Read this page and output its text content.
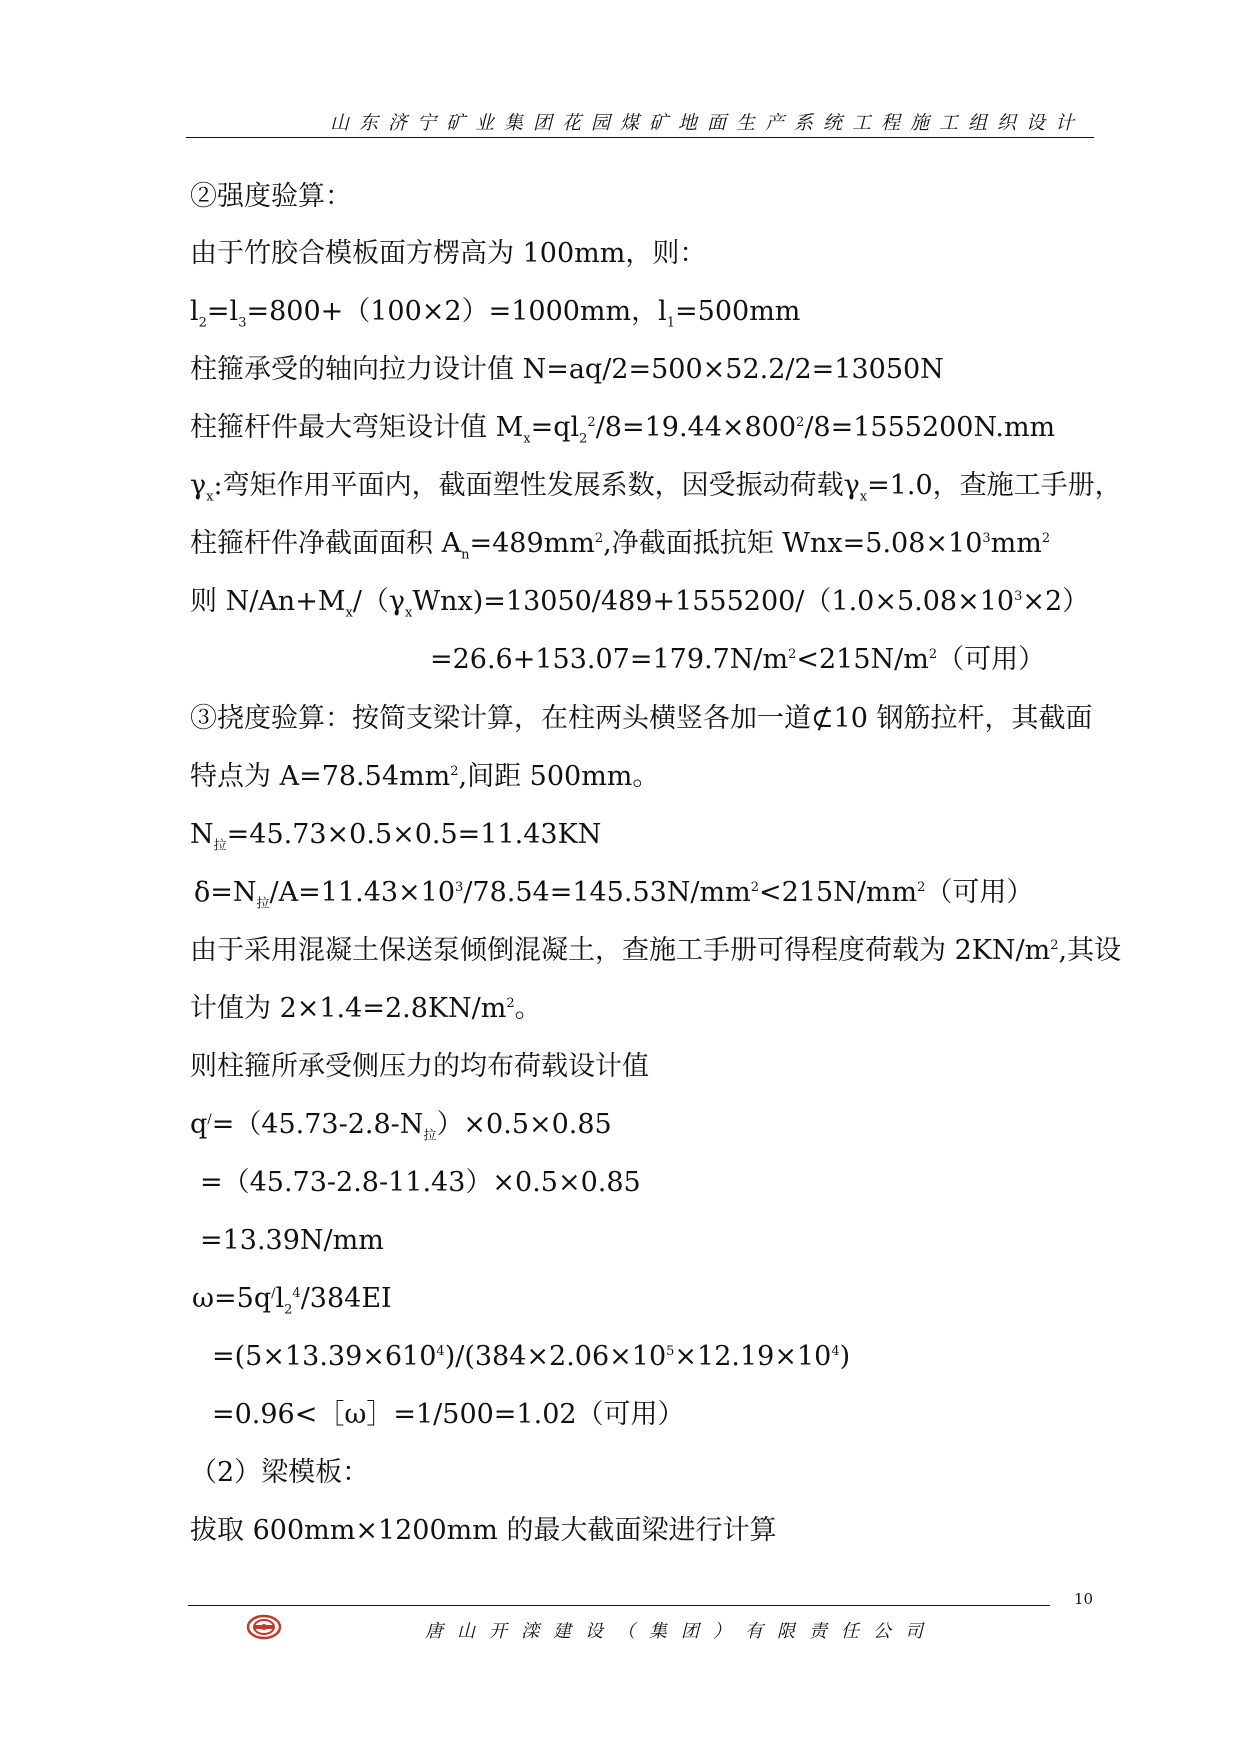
山东济宁矿业集团花园煤矿地面生产系统工程施工组织设计
②强度验算：
由于竹胶合模板面方楞高为 100mm，则：
$l_2=l_3=800+(100\times 2)=1000mm$，$l_1=500mm$
柱箍承受的轴向拉力设计值 N=aq/2=500×52.2/2=13050N
柱箍杆件最大弯矩设计值 $M_x=ql_2^2/8=19.44\times 800^2/8=1555200N.mm$
$\gamma_x$:弯矩作用平面内，截面塑性发展系数，因受振动荷载$\gamma_x=1.0$，查施工手册，
柱箍杆件净截面面积 $A_n=489mm^2$,净截面抵抗矩 $Wnx=5.08\times 10^3mm^2$
则 $N/An+M_x/(\gamma_xWnx)=13050/489+1555200/(1.0\times 5.08\times 10^3\times 2)$
$=26.6+153.07=179.7N/m^2<215N/m^2$（可用）
③挠度验算：按简支梁计算，在柱两头横竖各加一道⊄10 钢筋拉杆，其截面
特点为 $A=78.54mm^2$,间距 500mm。
$N_拉=45.73\times 0.5\times 0.5=11.43KN$
$\delta=N_拉/A=11.43\times 10^3/78.54=145.53N/mm^2<215N/mm^2$（可用）
由于采用混凝土保送泵倾倒混凝土，查施工手册可得程度荷载为 $2KN/m^2$,其设
计值为 $2\times 1.4=2.8KN/m^2$。
则柱箍所承受侧压力的均布荷载设计值
$q^/=(45.73-2.8-N_拉)\times 0.5\times 0.85$
=（45.73-2.8-11.43）×0.5×0.85
=13.39N/mm
$\omega=5q^/l_2^4/384EI$
$=(5\times 13.39\times 610^4)/(384\times 2.06\times 10^5\times 12.19\times 10^4)$
=0.96<［ω］=1/500=1.02（可用）
（2）梁模板：
拔取 600mm×1200mm 的最大截面梁进行计算
10
唐山开滦建设（集团）有限责任公司
